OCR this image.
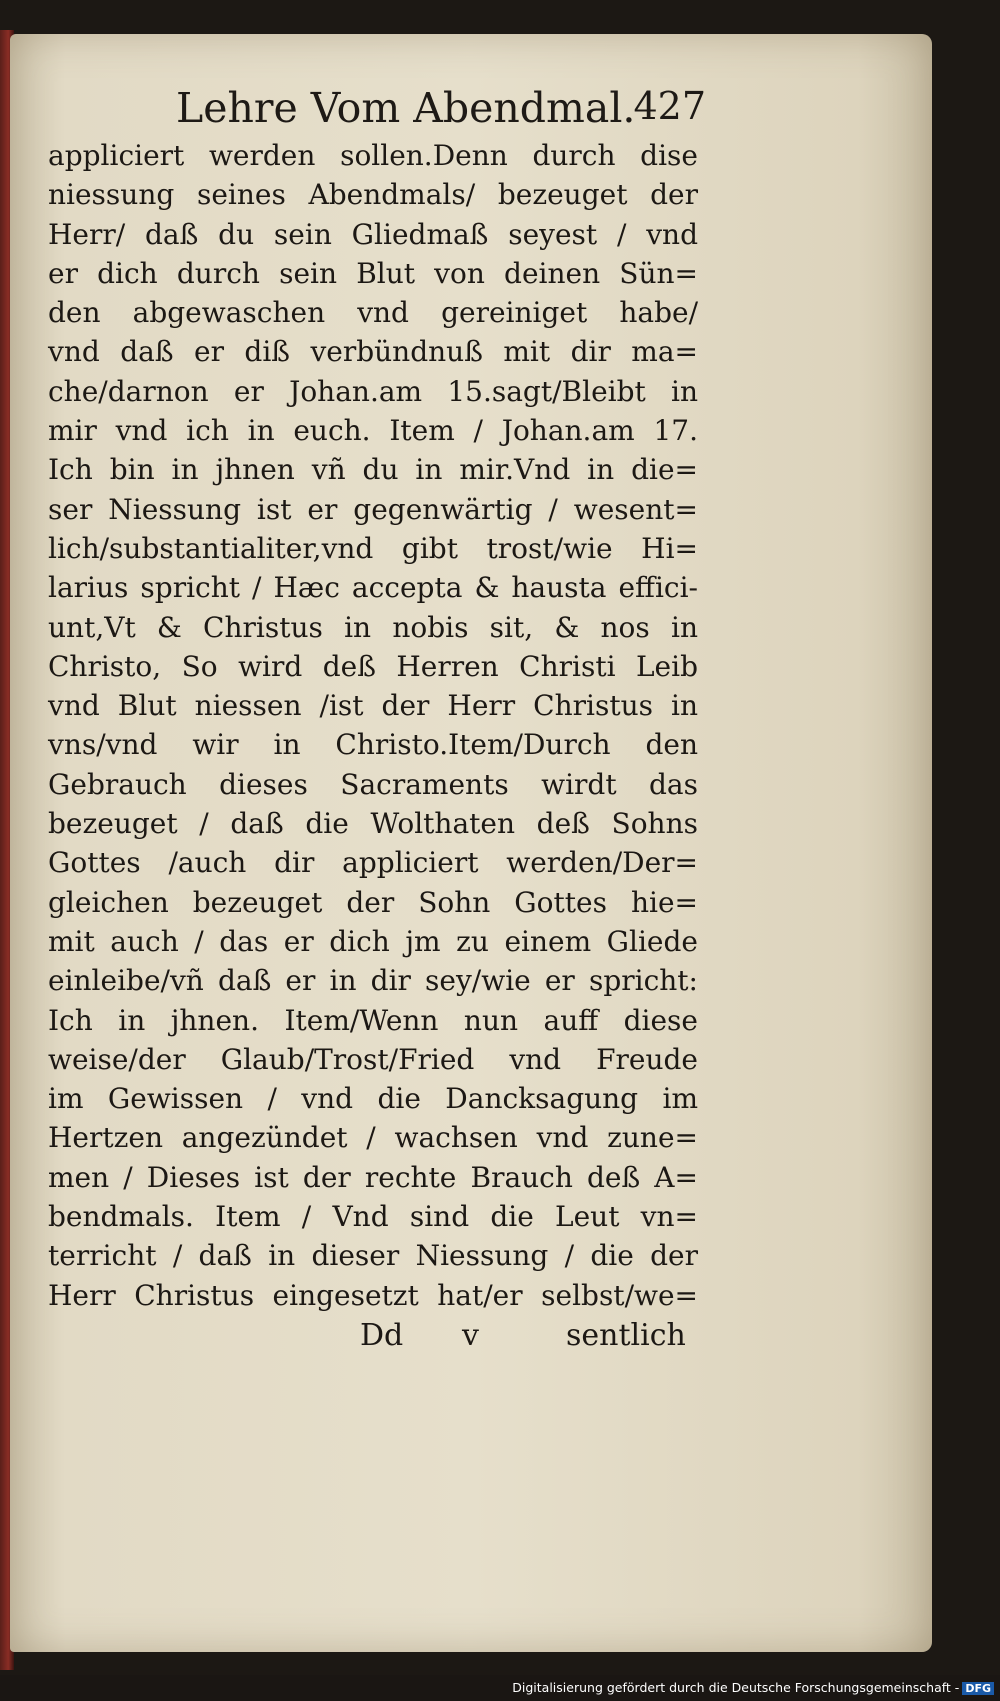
Lehre Vom Abendmal.
427
appliciert werden sollen.Denn durch dise
niessung seines Abendmals/ bezeuget der
Herr/ daß du sein Gliedmaß seyest / vnd
er dich durch sein Blut von deinen Sün=
den abgewaschen vnd gereiniget habe/
vnd daß er diß verbündnuß mit dir ma=
che/darnon er Johan.am 15.sagt/Bleibt in
mir vnd ich in euch. Item / Johan.am 17.
Ich bin in jhnen vñ du in mir.Vnd in die=
ser Niessung ist er gegenwärtig / wesent=
lich/substantialiter,vnd gibt trost/wie Hi=
larius spricht / Hæc accepta & hausta effici-
unt,Vt & Christus in nobis sit, & nos in
Christo, So wird deß Herren Christi Leib
vnd Blut niessen /ist der Herr Christus in
vns/vnd wir in Christo.Item/Durch den
Gebrauch dieses Sacraments wirdt das
bezeuget / daß die Wolthaten deß Sohns
Gottes /auch dir appliciert werden/Der=
gleichen bezeuget der Sohn Gottes hie=
mit auch / das er dich jm zu einem Gliede
einleibe/vñ daß er in dir sey/wie er spricht:
Ich in jhnen. Item/Wenn nun auff diese
weise/der Glaub/Trost/Fried vnd Freude
im Gewissen / vnd die Dancksagung im
Hertzen angezündet / wachsen vnd zune=
men / Dieses ist der rechte Brauch deß A=
bendmals. Item / Vnd sind die Leut vn=
terricht / daß in dieser Niessung / die der
Herr Christus eingesetzt hat/er selbst/we=
Dd v	sentlich
Digitalisierung gefördert durch die Deutsche Forschungsgemeinschaft - DFG
